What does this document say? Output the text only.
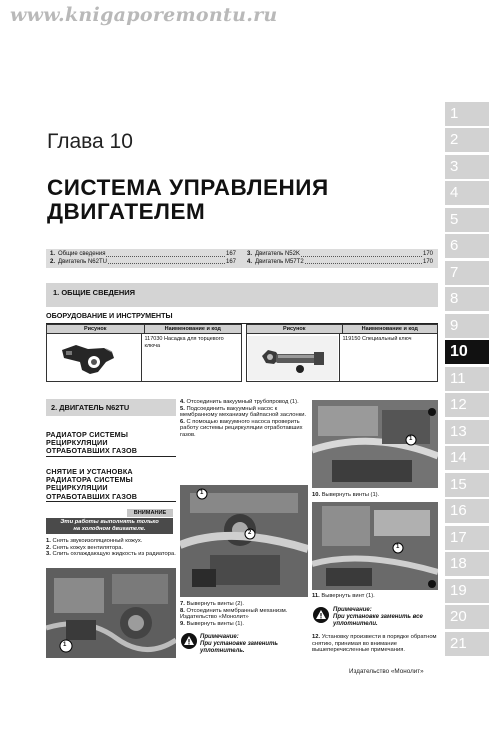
www.knigaporemontu.ru
Глава 10
СИСТЕМА УПРАВЛЕНИЯ
ДВИГАТЕЛЕМ
1. Общие сведения	167
2. Двигатель N62TU	167
3. Двигатель N52K	170
4. Двигатель M57T2	170
1. ОБЩИЕ СВЕДЕНИЯ
ОБОРУДОВАНИЕ И ИНСТРУМЕНТЫ
Рисунок	Наименование и код
117030 Насадка для торцевого ключа
Рисунок	Наименование и код
119150 Специальный ключ
1
2
3
4
5
6
7
8
9
10
11
12
13
14
15
16
17
18
19
20
21
2. ДВИГАТЕЛЬ N62TU
РАДИАТОР СИСТЕМЫ
РЕЦИРКУЛЯЦИИ
ОТРАБОТАВШИХ ГАЗОВ
СНЯТИЕ И УСТАНОВКА
РАДИАТОРА СИСТЕМЫ
РЕЦИРКУЛЯЦИИ
ОТРАБОТАВШИХ ГАЗОВ
ВНИМАНИЕ
Эти работы выполнять только
на холодном двигателе.
1. Снять звукоизоляционный кожух.
2. Снять кожух вентилятора.
3. Слить охлаждающую жидкость из радиатора.
1
4. Отсоединить вакуумный трубопровод (1).
5. Подсоединить вакуумный насос к мембранному механизму байпасной заслонки.
6. С помощью вакуумного насоса проверить работу системы рециркуляции отработавших газов.
1
2
7. Вывернуть винты (2).
8. Отсоединить мембранный механизм. Издательство «Монолит»
9. Вывернуть винты (1).
Примечание:
При установке заменить уплотнитель.
1
10. Вывернуть винты (1).
1
11. Вывернуть винт (1).
Примечание:
При установке заменить все уплотнители.
12. Установку произвести в порядке обратном снятию, принимая во внимание вышеперечисленные примечания.
Издательство «Монолит»
